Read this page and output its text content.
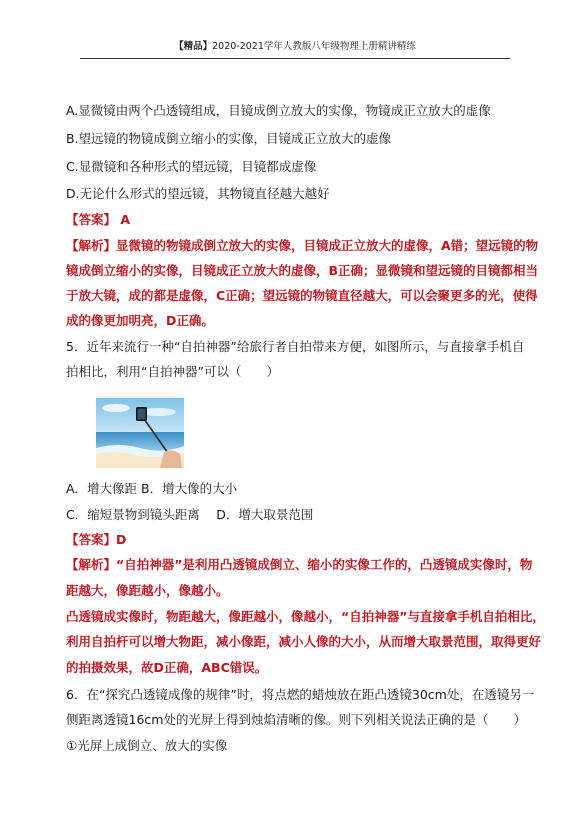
【精品】2020-2021学年人教版八年级物理上册精讲精练
A.显微镜由两个凸透镜组成，目镜成倒立放大的实像，物镜成正立放大的虚像
B.望远镜的物镜成倒立缩小的实像，目镜成正立放大的虚像
C.显微镜和各种形式的望远镜，目镜都成虚像
D.无论什么形式的望远镜，其物镜直径越大越好
【答案】 A
【解析】显微镜的物镜成倒立放大的实像，目镜成正立放大的虚像，A错；望远镜的物
镜成倒立缩小的实像，目镜成正立放大的虚像，B正确；显微镜和望远镜的目镜都相当
于放大镜，成的都是虚像，C正确；望远镜的物镜直径越大，可以会聚更多的光，使得
成的像更加明亮，D正确。
5．近年来流行一种“自拍神器”给旅行者自拍带来方便，如图所示，与直接拿手机自
拍相比，利用“自拍神器”可以（　　）
A．增大像距 B．增大像的大小
C．缩短景物到镜头距离　 D．增大取景范围
【答案】D
【解析】“自拍神器”是利用凸透镜成倒立、缩小的实像工作的，凸透镜成实像时，物
距越大，像距越小，像越小。
凸透镜成实像时，物距越大，像距越小，像越小，“自拍神器”与直接拿手机自拍相比，
利用自拍杆可以增大物距，减小像距，减小人像的大小，从而增大取景范围，取得更好
的拍摄效果，故D正确，ABC错误。
6．在“探究凸透镜成像的规律”时，将点燃的蜡烛放在距凸透镜30cm处，在透镜另一
侧距离透镜16cm处的光屏上得到烛焰清晰的像。则下列相关说法正确的是（　　）
①光屏上成倒立、放大的实像
